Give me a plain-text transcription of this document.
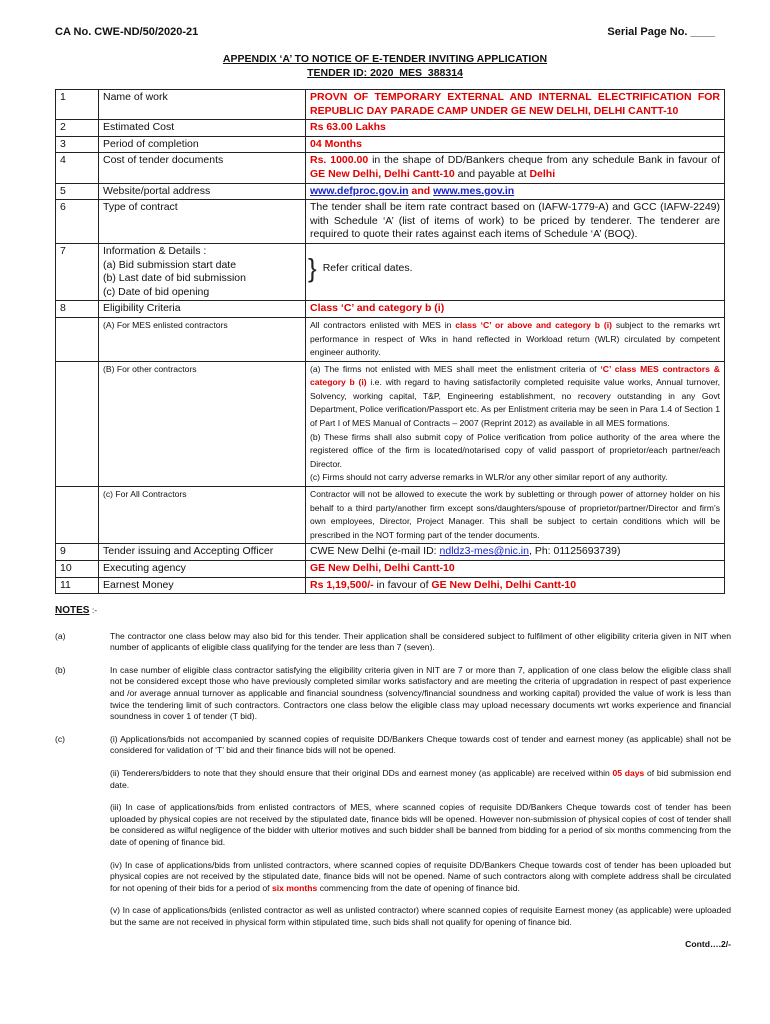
CA No. CWE-ND/50/2020-21	Serial Page No. ____
APPENDIX ‘A’ TO NOTICE OF E-TENDER INVITING APPLICATION
TENDER ID: 2020_MES_388314
1	Name of work	PROVN OF TEMPORARY EXTERNAL AND INTERNAL ELECTRIFICATION FOR REPUBLIC DAY PARADE CAMP UNDER GE NEW DELHI, DELHI CANTT-10
2	Estimated Cost	Rs 63.00 Lakhs
3	Period of completion	04 Months
4	Cost of tender documents	Rs. 1000.00 in the shape of DD/Bankers cheque from any schedule Bank in favour of GE New Delhi, Delhi Cantt-10 and payable at Delhi
5	Website/portal address	www.defproc.gov.in and www.mes.gov.in
6	Type of contract	The tender shall be item rate contract based on (IAFW-1779-A) and GCC (IAFW-2249) with Schedule ‘A’ (list of items of work) to be priced by tenderer. The tenderer are required to quote their rates against each items of Schedule ‘A’ (BOQ).
7	Information & Details :
(a) Bid submission start date
(b) Last date of bid submission
(c) Date of bid opening	} Refer critical dates.

8	Eligibility Criteria	Class ‘C’ and category b (i)
	(A) For MES enlisted contractors	All contractors enlisted with MES in class ‘C’ or above and category b (i) subject to the remarks wrt performance in respect of Wks in hand reflected in Workload return (WLR) circulated by competent engineer authority.
	(B) For other contractors	(a) The firms not enlisted with MES shall meet the enlistment criteria of ‘C’ class MES contractors & category b (i) i.e. with regard to having satisfactorily completed requisite value works, Annual turnover, Solvency, working capital, T&P, Engineering establishment, no recovery outstanding in any Govt Department, Police verification/Passport etc. As per Enlistment criteria may be seen in Para 1.4 of Section 1 of Part I of MES Manual of Contracts – 2007 (Reprint 2012) as available in all MES formations.
(b) These firms shall also submit copy of Police verification from police authority of the area where the registered office of the firm is located/notarised copy of valid passport of proprietor/each partner/each Director.
(c) Firms should not carry adverse remarks in WLR/or any other similar report of any authority.

	(c) For All Contractors	Contractor will not be allowed to execute the work by subletting or through power of attorney holder on his behalf to a third party/another firm except sons/daughters/spouse of proprietor/partner/Director and firm’s own employees, Director, Project Manager. This shall be subject to certain conditions which will be prescribed in the NOT forming part of the tender documents.
9	Tender issuing and Accepting Officer	CWE New Delhi (e-mail ID: ndldz3-mes@nic.in, Ph: 01125693739)
10	Executing agency	GE New Delhi, Delhi Cantt-10
11	Earnest Money	Rs 1,19,500/- in favour of GE New Delhi, Delhi Cantt-10
NOTES :-
(a)	The contractor one class below may also bid for this tender. Their application shall be considered subject to fulfilment of other eligibility criteria given in NIT when number of applicants of eligible class qualifying for the tender are less than 7 (seven).
(b)	In case number of eligible class contractor satisfying the eligibility criteria given in NIT are 7 or more than 7, application of one class below the eligible class shall not be considered except those who have previously completed similar works satisfactory and are meeting the criteria of upgradation in respect of past experience and /or average annual turnover as applicable and financial soundness (solvency/financial soundness and working capital) provided the value of work is less than twice the tendering limit of such contractors. Contractors one class below the eligible class may upload necessary documents wrt works experience and financial soundness in cover 1 of tender (T bid).
(c)	(i) Applications/bids not accompanied by scanned copies of requisite DD/Bankers Cheque towards cost of tender and earnest money (as applicable) shall not be considered for validation of ‘T’ bid and their finance bids will not be opened.

(ii) Tenderers/bidders to note that they should ensure that their original DDs and earnest money (as applicable) are received within 05 days of bid submission end date.

(iii) In case of applications/bids from enlisted contractors of MES, where scanned copies of requisite DD/Bankers Cheque towards cost of tender has been uploaded by physical copies are not received by the stipulated date, finance bids will be opened. However non-submission of physical copies of cost of tender shall be considered as wilful negligence of the bidder with ulterior motives and such bidder shall be banned from bidding for a period of six months commencing from the date of opening of finance bid.

(iv) In case of applications/bids from unlisted contractors, where scanned copies of requisite DD/Bankers Cheque towards cost of tender has been uploaded but physical copies are not received by the stipulated date, finance bids will not be opened. Name of such contractors along with complete address shall be circulated for not opening of their bids for a period of six months commencing from the date of opening of finance bid.

(v) In case of applications/bids (enlisted contractor as well as unlisted contractor) where scanned copies of requisite Earnest money (as applicable) were uploaded but the same are not received in physical form within stipulated time, such bids shall not qualify for opening of finance bid.

Contd….2/-
